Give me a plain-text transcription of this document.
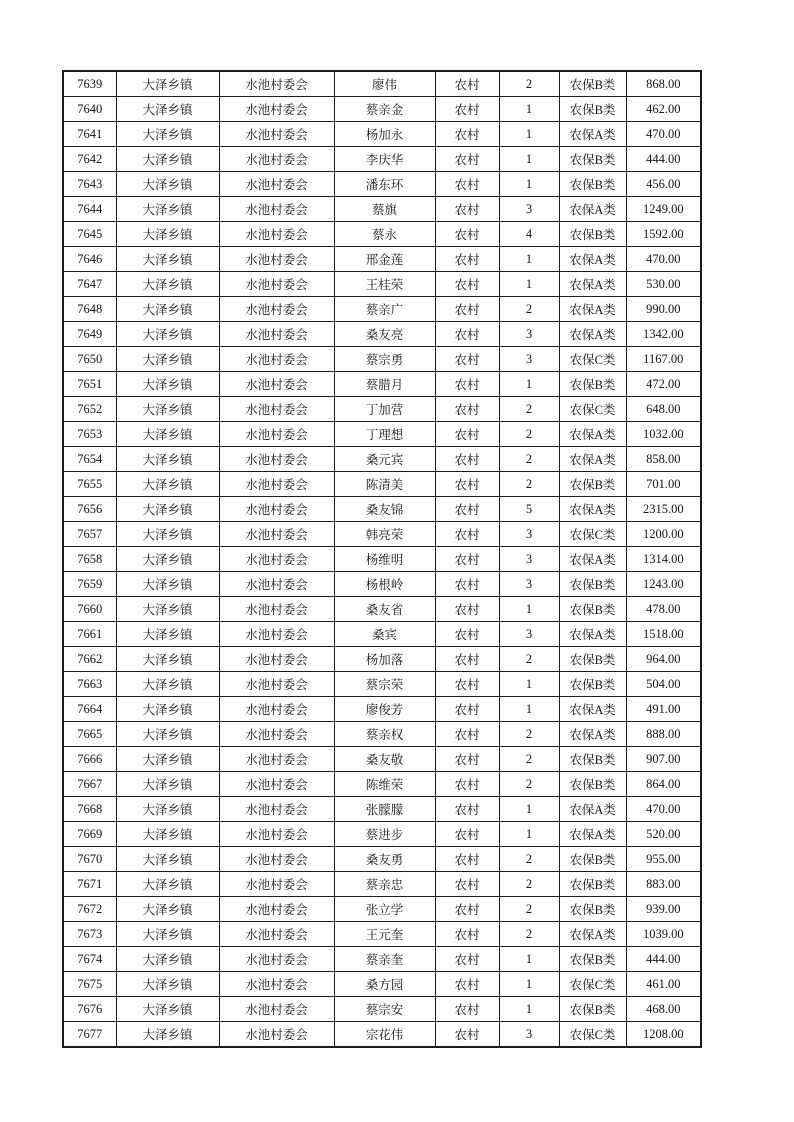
7639	大泽乡镇	水池村委会	廖伟	农村	2	农保B类	868.00
7640	大泽乡镇	水池村委会	蔡亲金	农村	1	农保B类	462.00
7641	大泽乡镇	水池村委会	杨加永	农村	1	农保A类	470.00
7642	大泽乡镇	水池村委会	李庆华	农村	1	农保B类	444.00
7643	大泽乡镇	水池村委会	潘东环	农村	1	农保B类	456.00
7644	大泽乡镇	水池村委会	蔡旗	农村	3	农保A类	1249.00
7645	大泽乡镇	水池村委会	蔡永	农村	4	农保B类	1592.00
7646	大泽乡镇	水池村委会	邢金莲	农村	1	农保A类	470.00
7647	大泽乡镇	水池村委会	王桂荣	农村	1	农保A类	530.00
7648	大泽乡镇	水池村委会	蔡亲广	农村	2	农保A类	990.00
7649	大泽乡镇	水池村委会	桑友亮	农村	3	农保A类	1342.00
7650	大泽乡镇	水池村委会	蔡宗勇	农村	3	农保C类	1167.00
7651	大泽乡镇	水池村委会	蔡腊月	农村	1	农保B类	472.00
7652	大泽乡镇	水池村委会	丁加营	农村	2	农保C类	648.00
7653	大泽乡镇	水池村委会	丁理想	农村	2	农保A类	1032.00
7654	大泽乡镇	水池村委会	桑元宾	农村	2	农保A类	858.00
7655	大泽乡镇	水池村委会	陈清美	农村	2	农保B类	701.00
7656	大泽乡镇	水池村委会	桑友锦	农村	5	农保A类	2315.00
7657	大泽乡镇	水池村委会	韩亮荣	农村	3	农保C类	1200.00
7658	大泽乡镇	水池村委会	杨维明	农村	3	农保A类	1314.00
7659	大泽乡镇	水池村委会	杨根岭	农村	3	农保B类	1243.00
7660	大泽乡镇	水池村委会	桑友省	农村	1	农保B类	478.00
7661	大泽乡镇	水池村委会	桑宾	农村	3	农保A类	1518.00
7662	大泽乡镇	水池村委会	杨加落	农村	2	农保B类	964.00
7663	大泽乡镇	水池村委会	蔡宗荣	农村	1	农保B类	504.00
7664	大泽乡镇	水池村委会	廖俊芳	农村	1	农保A类	491.00
7665	大泽乡镇	水池村委会	蔡亲权	农村	2	农保A类	888.00
7666	大泽乡镇	水池村委会	桑友敬	农村	2	农保B类	907.00
7667	大泽乡镇	水池村委会	陈维荣	农村	2	农保B类	864.00
7668	大泽乡镇	水池村委会	张朦朦	农村	1	农保A类	470.00
7669	大泽乡镇	水池村委会	蔡进步	农村	1	农保A类	520.00
7670	大泽乡镇	水池村委会	桑友勇	农村	2	农保B类	955.00
7671	大泽乡镇	水池村委会	蔡亲忠	农村	2	农保B类	883.00
7672	大泽乡镇	水池村委会	张立学	农村	2	农保B类	939.00
7673	大泽乡镇	水池村委会	王元奎	农村	2	农保A类	1039.00
7674	大泽乡镇	水池村委会	蔡亲奎	农村	1	农保B类	444.00
7675	大泽乡镇	水池村委会	桑方园	农村	1	农保C类	461.00
7676	大泽乡镇	水池村委会	蔡宗安	农村	1	农保B类	468.00
7677	大泽乡镇	水池村委会	宗花伟	农村	3	农保C类	1208.00
